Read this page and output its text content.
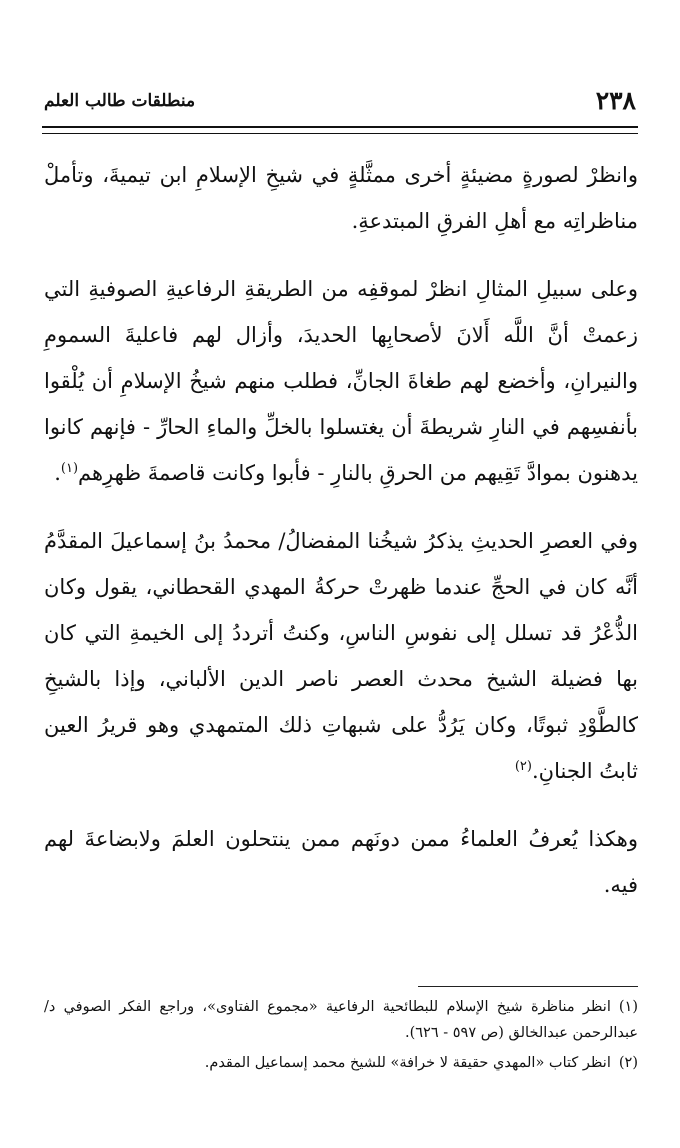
٢٣٨
منطلقات طالب العلم

وانظرْ لصورةٍ مضيئةٍ أخرى ممثَّلةٍ في شيخِ الإسلامِ ابن تيميةَ، وتأملْ مناظراتِه مع أهلِ الفرقِ المبتدعةِ.

وعلى سبيلِ المثالِ انظرْ لموقفِه من الطريقةِ الرفاعيةِ الصوفيةِ التي زعمتْ أنَّ اللَّه أَلانَ لأصحابِها الحديدَ، وأزال لهم فاعليةَ السمومِ والنيرانِ، وأخضع لهم طغاةَ الجانِّ، فطلب منهم شيخُ الإسلامِ أن يُلْقوا بأنفسِهم في النارِ شريطةَ أن يغتسلوا بالخلِّ والماءِ الحارِّ - فإنهم كانوا يدهنون بموادَّ تَقِيهم من الحرقِ بالنارِ - فأبوا وكانت قاصمةَ ظهرِهم$^{(١)}$.

وفي العصرِ الحديثِ يذكرُ شيخُنا المفضالُ/ محمدُ بنُ إسماعيلَ المقدَّمُ أنَّه كان في الحجِّ عندما ظهرتْ حركةُ المهدي القحطاني، يقول وكان الذُّعْرُ قد تسلل إلى نفوسِ الناسِ، وكنتُ أترددُ إلى الخيمةِ التي كان بها فضيلة الشيخ محدث العصر ناصر الدين الألباني، وإذا بالشيخِ كالطَّوْدِ ثبوتًا، وكان يَرُدُّ على شبهاتِ ذلك المتمهدي وهو قريرُ العين ثابتُ الجنانِ.$^{(٢)}$

وهكذا يُعرفُ العلماءُ ممن دونَهم ممن ينتحلون العلمَ ولابضاعةَ لهم فيه.

(١)انظر مناظرة شيخ الإسلام للبطائحية الرفاعية «مجموع الفتاوى»، وراجع الفكر الصوفي د/ عبدالرحمن عبدالخالق (ص ٥٩٧ - ٦٢٦).

(٢)انظر كتاب «المهدي حقيقة لا خرافة» للشيخ محمد إسماعيل المقدم.
